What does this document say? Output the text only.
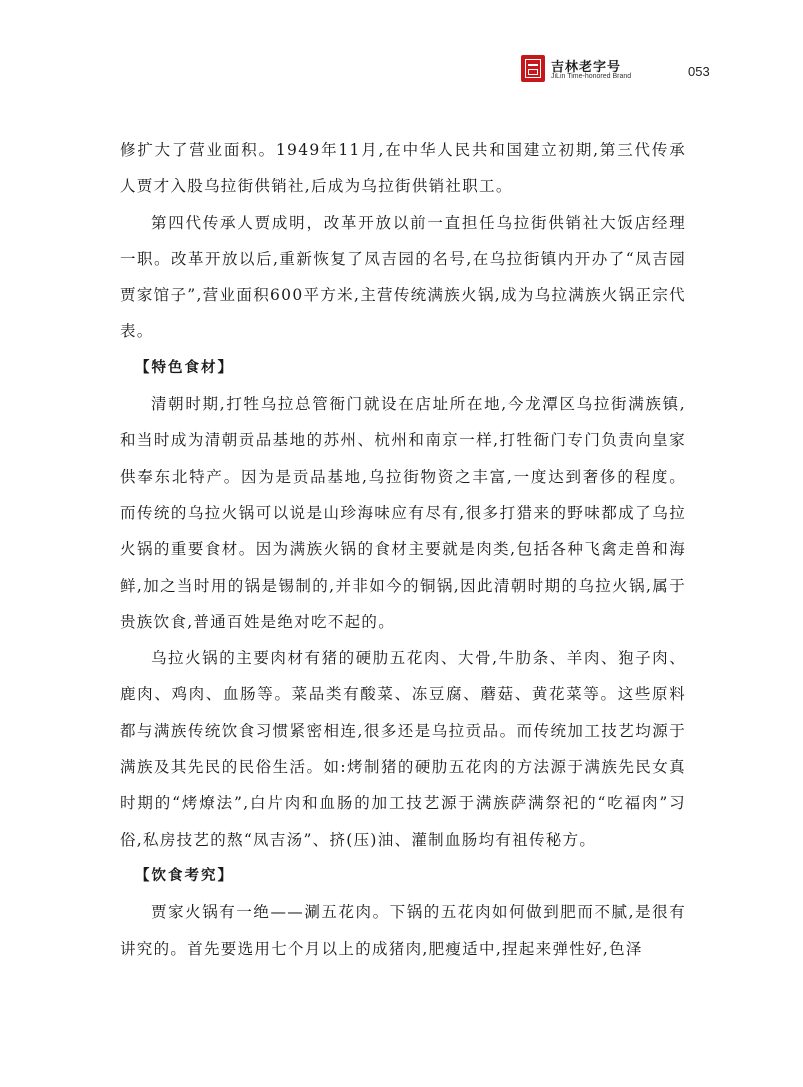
吉林老字号
JiLin Time-honored Brand	053

修扩大了营业面积。1949年11月,在中华人民共和国建立初期,第三代传承人贾才入股乌拉街供销社,后成为乌拉街供销社职工。

第四代传承人贾成明，改革开放以前一直担任乌拉街供销社大饭店经理一职。改革开放以后,重新恢复了凤吉园的名号,在乌拉街镇内开办了“凤吉园贾家馆子”,营业面积600平方米,主营传统满族火锅,成为乌拉满族火锅正宗代表。

【特色食材】

清朝时期,打牲乌拉总管衙门就设在店址所在地,今龙潭区乌拉街满族镇,和当时成为清朝贡品基地的苏州、杭州和南京一样,打牲衙门专门负责向皇家供奉东北特产。因为是贡品基地,乌拉街物资之丰富,一度达到奢侈的程度。而传统的乌拉火锅可以说是山珍海味应有尽有,很多打猎来的野味都成了乌拉火锅的重要食材。因为满族火锅的食材主要就是肉类,包括各种飞禽走兽和海鲜,加之当时用的锅是锡制的,并非如今的铜锅,因此清朝时期的乌拉火锅,属于贵族饮食,普通百姓是绝对吃不起的。

乌拉火锅的主要肉材有猪的硬肋五花肉、大骨,牛肋条、羊肉、狍子肉、鹿肉、鸡肉、血肠等。菜品类有酸菜、冻豆腐、蘑菇、黄花菜等。这些原料都与满族传统饮食习惯紧密相连,很多还是乌拉贡品。而传统加工技艺均源于满族及其先民的民俗生活。如:烤制猪的硬肋五花肉的方法源于满族先民女真时期的“烤燎法”,白片肉和血肠的加工技艺源于满族萨满祭祀的“吃福肉”习俗,私房技艺的熬“凤吉汤”、挤(压)油、灌制血肠均有祖传秘方。

【饮食考究】

贾家火锅有一绝——涮五花肉。下锅的五花肉如何做到肥而不腻,是很有讲究的。首先要选用七个月以上的成猪肉,肥瘦适中,捏起来弹性好,色泽
